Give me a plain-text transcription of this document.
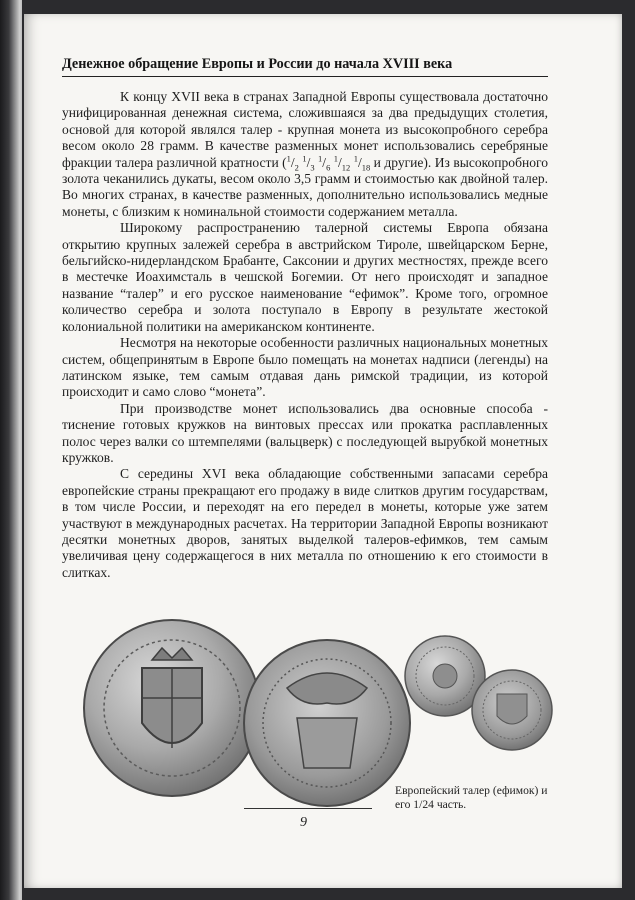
Денежное обращение Европы и России до начала XVIII века

К концу XVII века в странах Западной Европы существовала достаточно унифицированная денежная система, сложившаяся за два предыдущих столетия, основой для которой являлся талер - крупная монета из высокопробного серебра весом около 28 грамм. В качестве разменных монет использовались серебряные фракции талера различной кратности ($^1/_2$ $^1/_3$ $^1/_6$ $^1/_{12}$ $^1/_{18}$ и другие). Из высокопробного золота чеканились дукаты, весом около 3,5 грамм и стоимостью как двойной талер. Во многих странах, в качестве разменных, дополнительно использовались медные монеты, с близким к номинальной стоимости содержанием металла.

Широкому распространению талерной системы Европа обязана открытию крупных залежей серебра в австрийском Тироле, швейцарском Берне, бельгийско-нидерландском Брабанте, Саксонии и других местностях, прежде всего в местечке Иоахимсталь в чешской Богемии. От него происходят и западное название “талер” и его русское наименование “ефимок”. Кроме того, огромное количество серебра и золота поступало в Европу в результате жестокой колониальной политики на американском континенте.

Несмотря на некоторые особенности различных национальных монетных систем, общепринятым в Европе было помещать на монетах надписи (легенды) на латинском языке, тем самым отдавая дань римской традиции, из которой происходит и само слово “монета”.

При производстве монет использовались два основные способа - тиснение готовых кружков на винтовых прессах или прокатка расплавленных полос через валки со штемпелями (вальцверк) с последующей вырубкой монетных кружков.

С середины XVI века обладающие собственными запасами серебра европейские страны прекращают его продажу в виде слитков другим государствам, в том числе России, и переходят на его передел в монеты, которые уже затем участвуют в международных расчетах. На территории Западной Европы возникают десятки монетных дворов, занятых выделкой талеров-ефимков, тем самым увеличивая цену содержащегося в них металла по отношению к его стоимости в слитках.

Европейский талер (ефимок) и его 1/24 часть.
9
